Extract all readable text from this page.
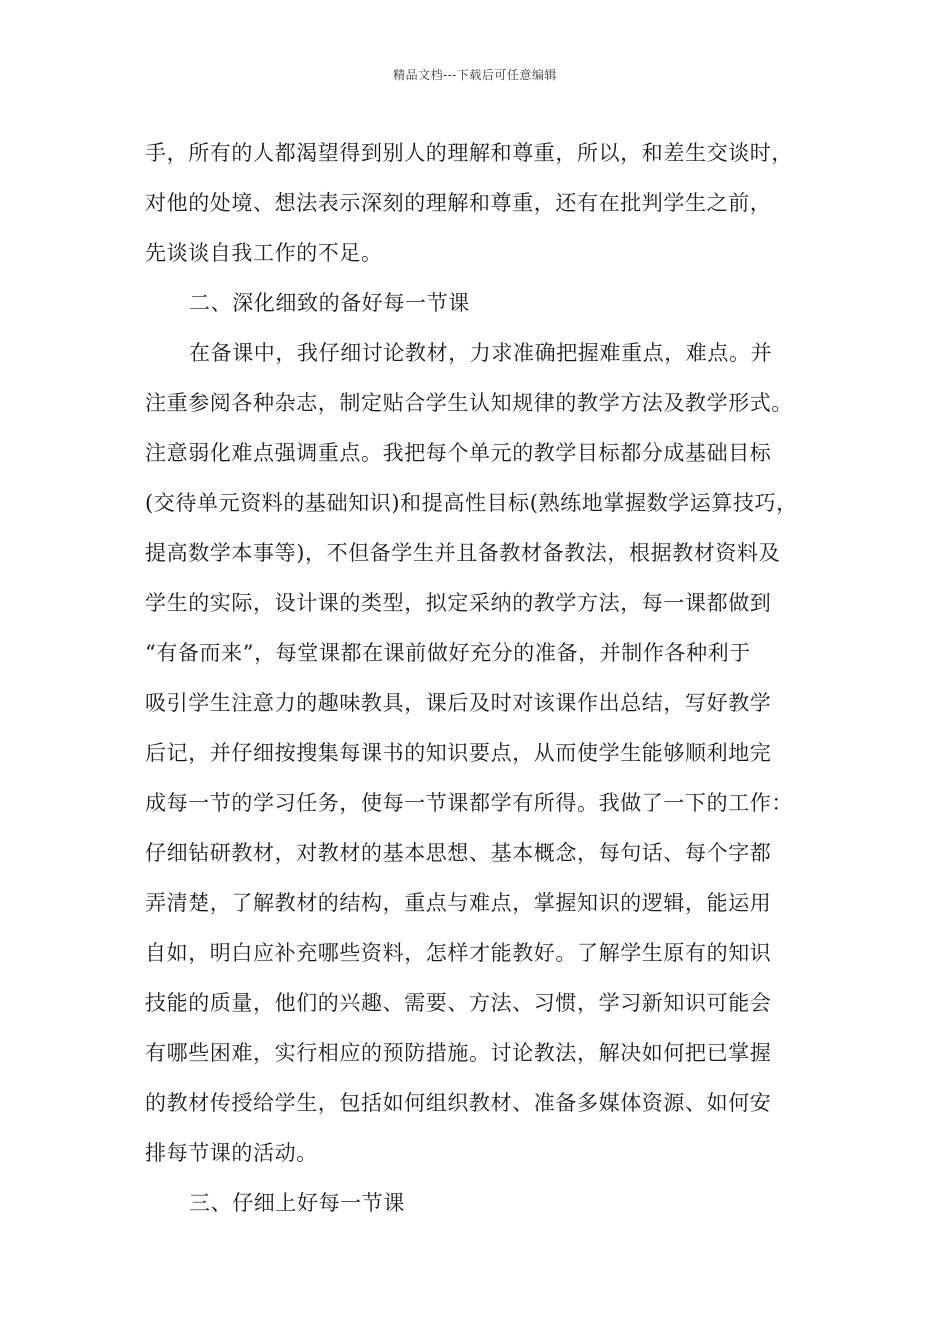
精品文档---下载后可任意编辑
手，所有的人都渴望得到别人的理解和尊重，所以，和差生交谈时，
对他的处境、想法表示深刻的理解和尊重，还有在批判学生之前，
先谈谈自我工作的不足。
二、深化细致的备好每一节课
在备课中，我仔细讨论教材，力求准确把握难重点，难点。并
注重参阅各种杂志，制定贴合学生认知规律的教学方法及教学形式。
注意弱化难点强调重点。我把每个单元的教学目标都分成基础目标
(交待单元资料的基础知识)和提高性目标(熟练地掌握数学运算技巧，
提高数学本事等)，不但备学生并且备教材备教法，根据教材资料及
学生的实际，设计课的类型，拟定采纳的教学方法，每一课都做到
“有备而来”，每堂课都在课前做好充分的准备，并制作各种利于
吸引学生注意力的趣味教具，课后及时对该课作出总结，写好教学
后记，并仔细按搜集每课书的知识要点，从而使学生能够顺利地完
成每一节的学习任务，使每一节课都学有所得。我做了一下的工作：
仔细钻研教材，对教材的基本思想、基本概念，每句话、每个字都
弄清楚，了解教材的结构，重点与难点，掌握知识的逻辑，能运用
自如，明白应补充哪些资料，怎样才能教好。了解学生原有的知识
技能的质量，他们的兴趣、需要、方法、习惯，学习新知识可能会
有哪些困难，实行相应的预防措施。讨论教法，解决如何把已掌握
的教材传授给学生，包括如何组织教材、准备多媒体资源、如何安
排每节课的活动。
三、仔细上好每一节课
